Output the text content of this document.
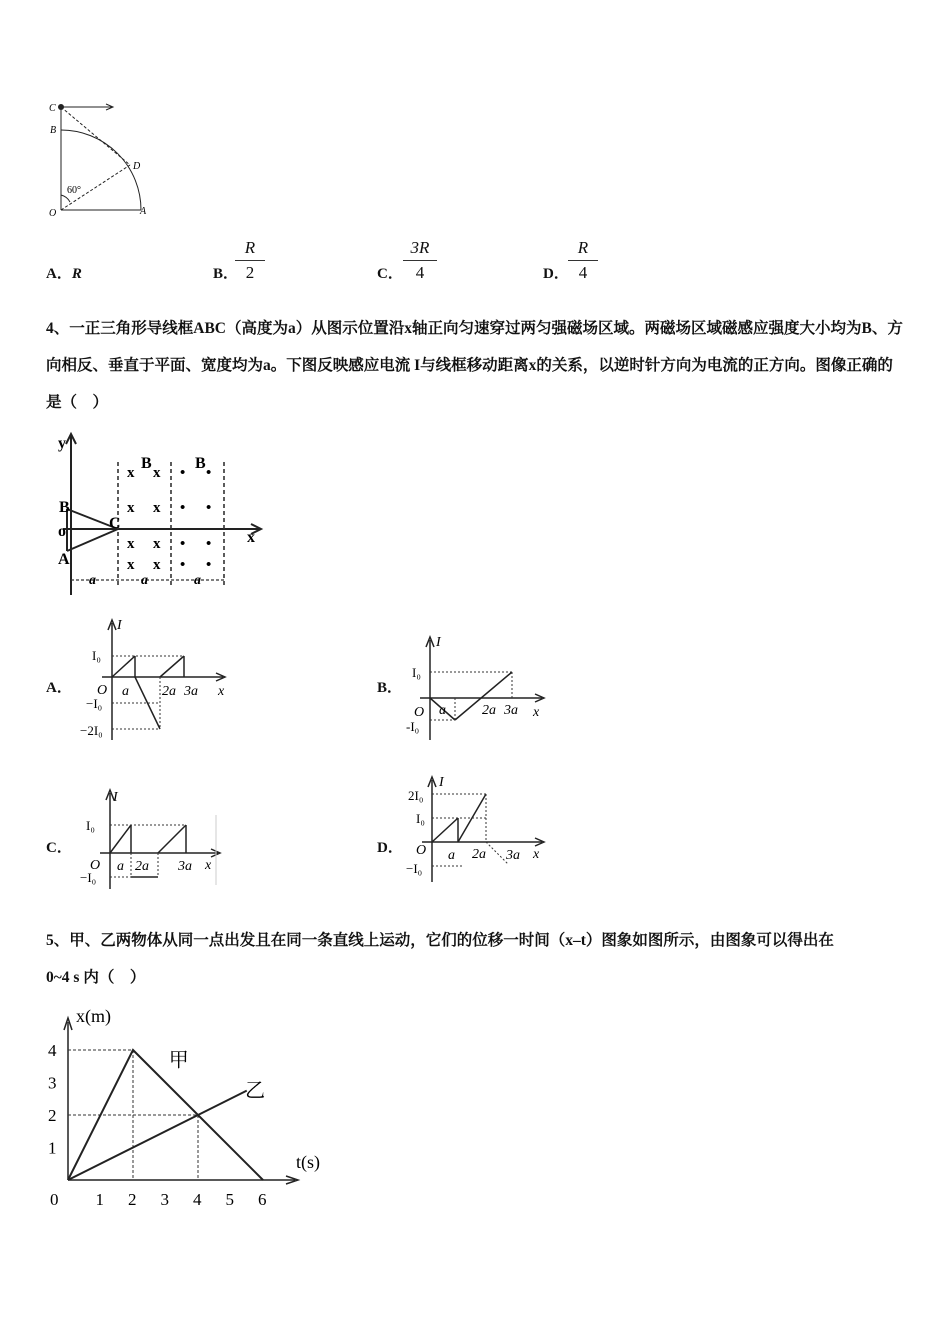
C
B
D
O	A
60°
A．R	B．
$\frac{R}{2}$	C． $\frac{3R}{4}$	D． $\frac{R}{4}$
4、一正三角形导线框ABC（高度为a）从图示位置沿x轴正向匀速穿过两匀强磁场区域。两磁场区域磁感应强度大小均为B、方向相反、垂直于平面、宽度均为a。下图反映感应电流 I与线框移动距离x的关系，以逆时针方向为电流的正方向。图像正确的是（　）
y
B
o
A
C
x
B	B
x x
x x
x x
x x
• •
• •
• •
• •
a	a	a
A．
I
x
O a 2a 3a
I₀
−I₀
−2I₀
B．
I
x
O a	2a 3a
I₀
-I₀
C．
I
x
O a 2a 3a
I₀
−I₀
D．
I
x
O a 2a 3a
2I₀
I₀
−I₀
5、甲、乙两物体从同一点出发且在同一条直线上运动，它们的位移一时间（x–t）图象如图所示，由图象可以得出在
0~4 s 内（　）
x(m)
t(s)
0 1 2 3 4 5 6
1
2
3
4	甲
乙
